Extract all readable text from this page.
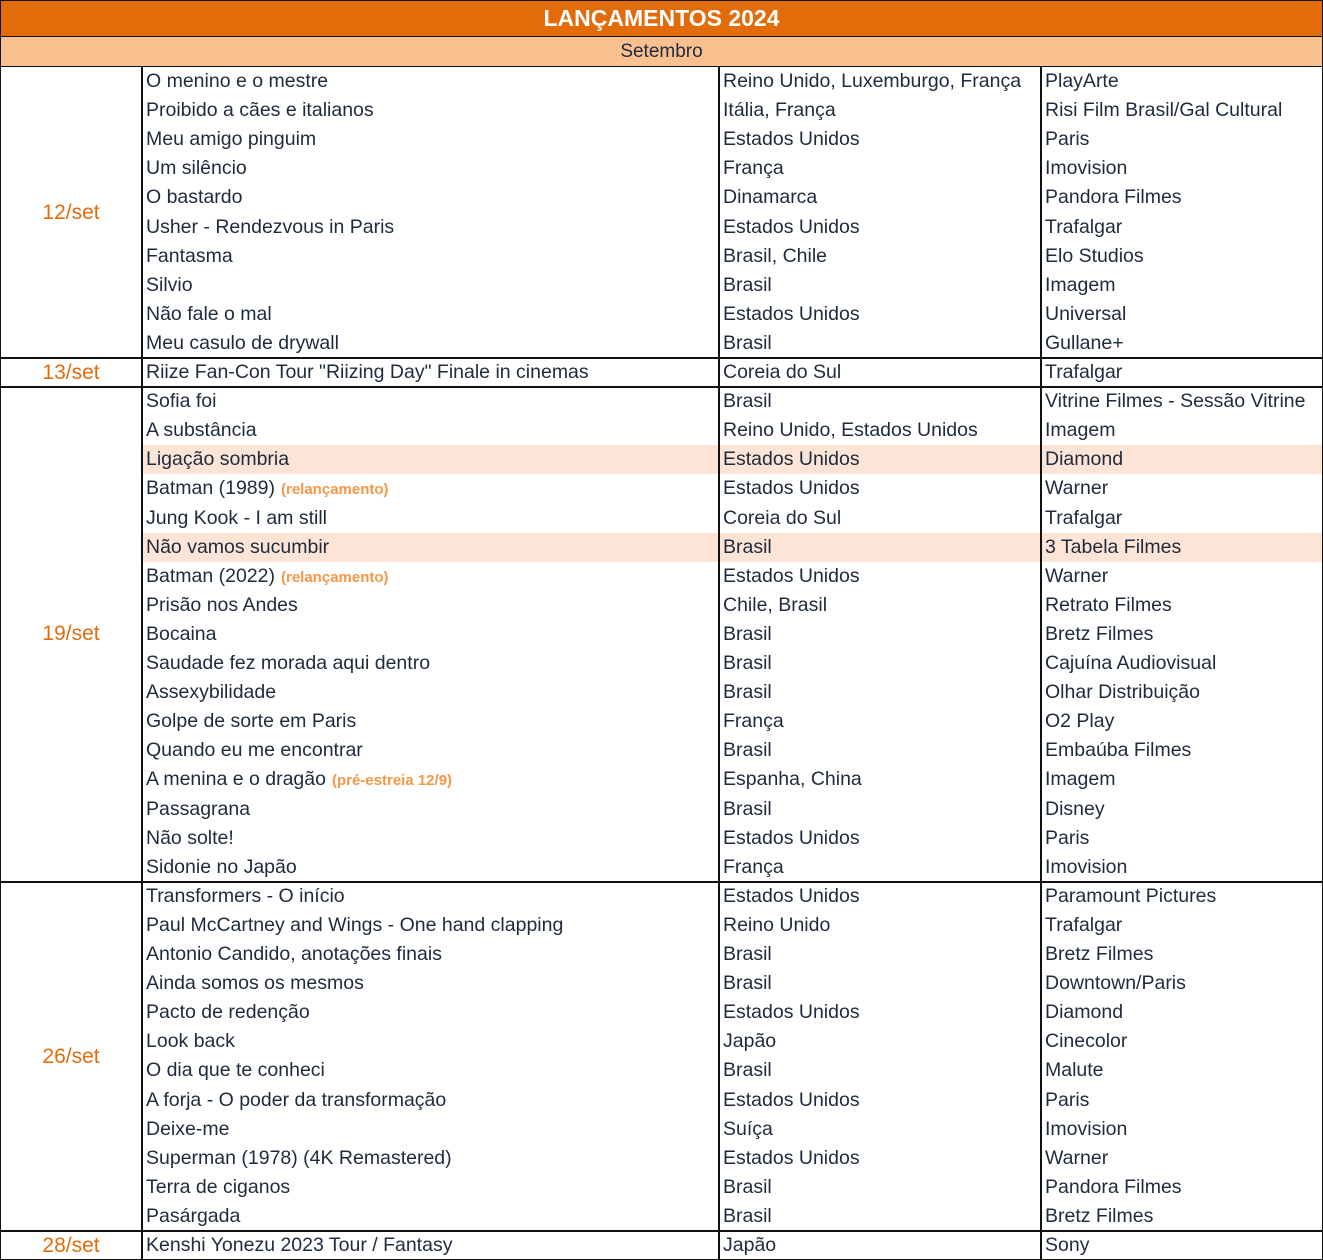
LANÇAMENTOS 2024
Setembro
12/set
O menino e o mestre	Reino Unido, Luxemburgo, França	PlayArte
Proibido a cães e italianos	Itália, França	Risi Film Brasil/Gal Cultural
Meu amigo pinguim	Estados Unidos	Paris
Um silêncio	França	Imovision
O bastardo	Dinamarca	Pandora Filmes
Usher - Rendezvous in Paris	Estados Unidos	Trafalgar
Fantasma	Brasil, Chile	Elo Studios
Silvio	Brasil	Imagem
Não fale o mal	Estados Unidos	Universal
Meu casulo de drywall	Brasil	Gullane+
13/set	Riize Fan-Con Tour "Riizing Day" Finale in cinemas	Coreia do Sul	Trafalgar
19/set
Sofia foi	Brasil	Vitrine Filmes - Sessão Vitrine
A substância	Reino Unido, Estados Unidos	Imagem
Ligação sombria	Estados Unidos	Diamond
Batman (1989) (relançamento)	Estados Unidos	Warner
Jung Kook - I am still	Coreia do Sul	Trafalgar
Não vamos sucumbir	Brasil	3 Tabela Filmes
Batman (2022) (relançamento)	Estados Unidos	Warner
Prisão nos Andes	Chile, Brasil	Retrato Filmes
Bocaina	Brasil	Bretz Filmes
Saudade fez morada aqui dentro	Brasil	Cajuína Audiovisual
Assexybilidade	Brasil	Olhar Distribuição
Golpe de sorte em Paris	França	O2 Play
Quando eu me encontrar	Brasil	Embaúba Filmes
A menina e o dragão (pré-estreia 12/9)	Espanha, China	Imagem
Passagrana	Brasil	Disney
Não solte!	Estados Unidos	Paris
Sidonie no Japão	França	Imovision
26/set
Transformers - O início	Estados Unidos	Paramount Pictures
Paul McCartney and Wings - One hand clapping	Reino Unido	Trafalgar
Antonio Candido, anotações finais	Brasil	Bretz Filmes
Ainda somos os mesmos	Brasil	Downtown/Paris
Pacto de redenção	Estados Unidos	Diamond
Look back	Japão	Cinecolor
O dia que te conheci	Brasil	Malute
A forja - O poder da transformação	Estados Unidos	Paris
Deixe-me	Suíça	Imovision
Superman (1978) (4K Remastered)	Estados Unidos	Warner
Terra de ciganos	Brasil	Pandora Filmes
Pasárgada	Brasil	Bretz Filmes
28/set	Kenshi Yonezu 2023 Tour / Fantasy	Japão	Sony
